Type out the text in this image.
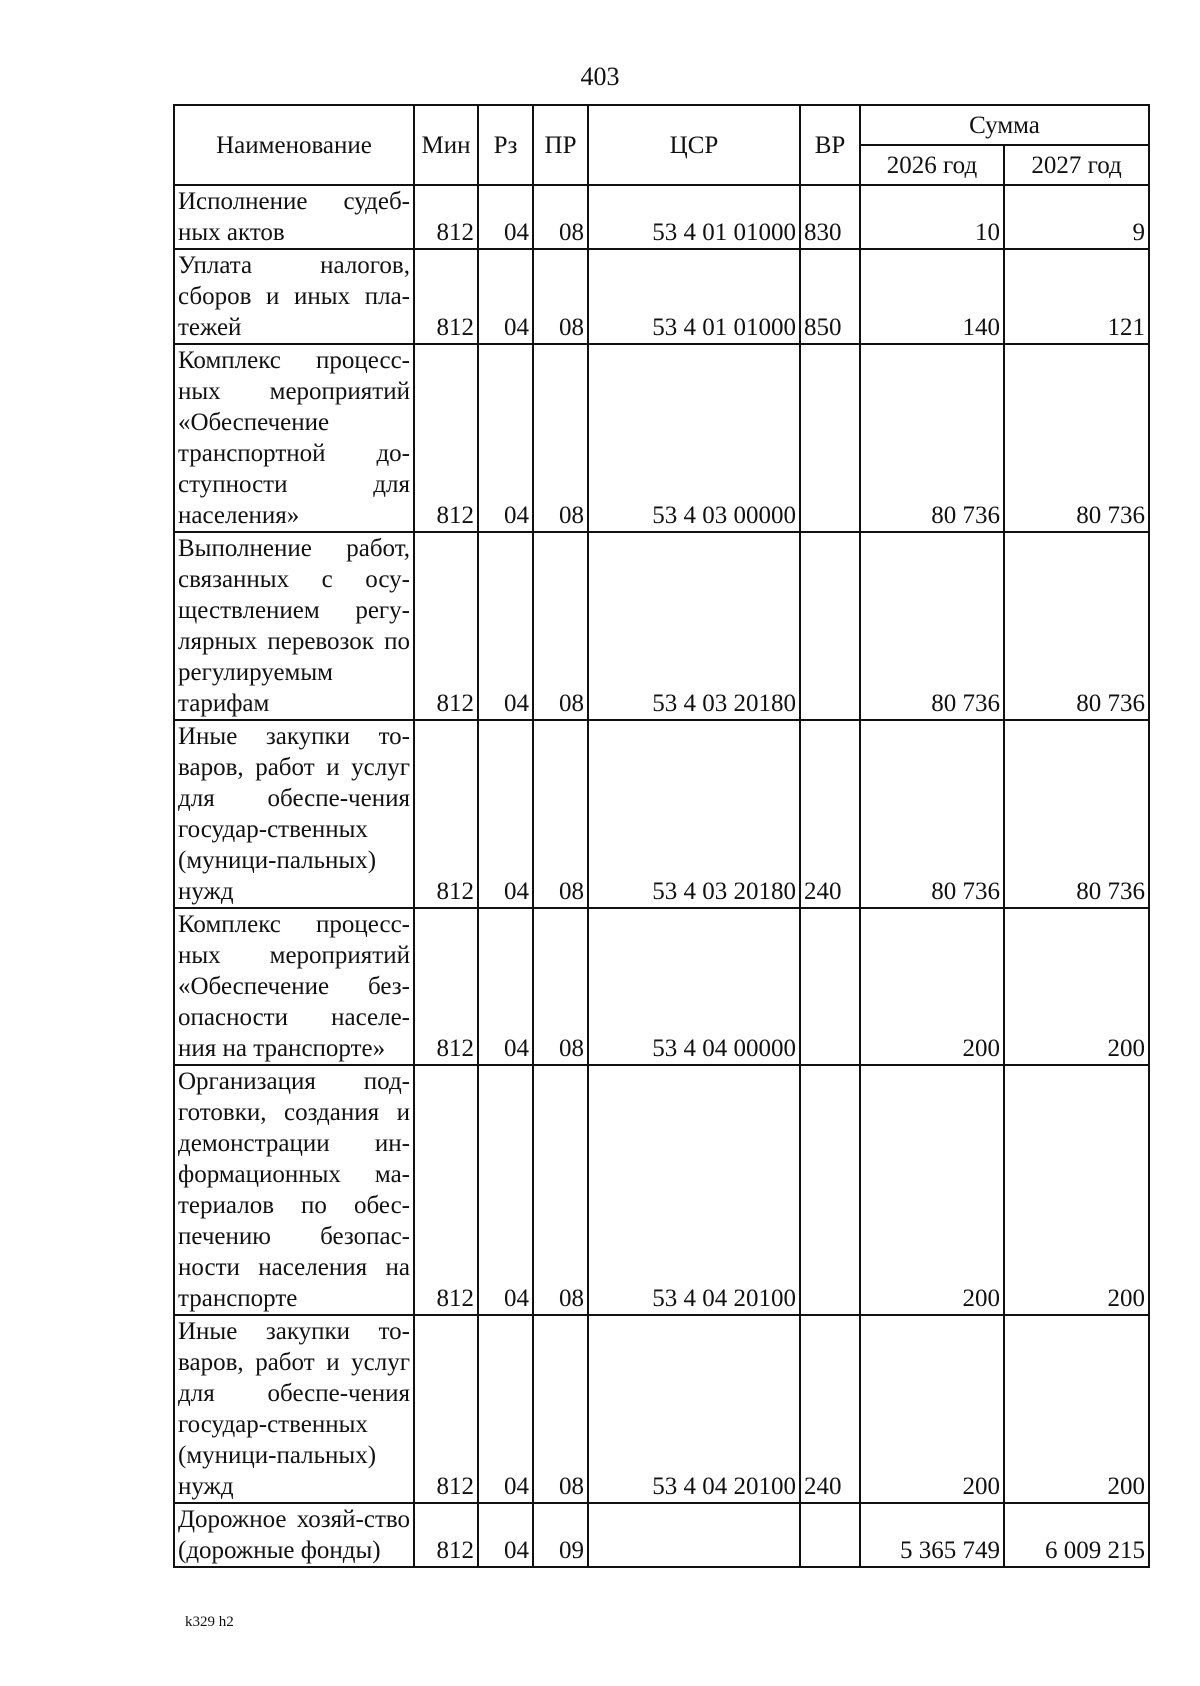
403
Наименование	Мин	Рз	ПР	ЦСР	ВР	Сумма	
						2026 год	2027 год
Исполнение судеб-ных актов	812	04	08	53 4 01 01000	830	10	9
Уплата налогов, сборов и иных пла-тежей	812	04	08	53 4 01 01000	850	140	121
Комплекс процесс-ных мероприятий «Обеспечение транспортной до-ступности для населения»	812	04	08	53 4 03 00000		80 736	80 736
Выполнение работ, связанных с осу-ществлением регу-лярных перевозок по регулируемым тарифам	812	04	08	53 4 03 20180		80 736	80 736
Иные закупки то-варов, работ и услуг для обеспе-чения государ-ственных (муници-пальных) нужд	812	04	08	53 4 03 20180	240	80 736	80 736
Комплекс процесс-ных мероприятий «Обеспечение без-опасности населе-ния на транспорте»	812	04	08	53 4 04 00000		200	200
Организация под-готовки, создания и демонстрации ин-формационных ма-териалов по обес-печению безопас-ности населения на транспорте	812	04	08	53 4 04 20100		200	200
Иные закупки то-варов, работ и услуг для обеспе-чения государ-ственных (муници-пальных) нужд	812	04	08	53 4 04 20100	240	200	200
Дорожное хозяй-ство (дорожные фонды)	812	04	09			5 365 749	6 009 215
k329 h2
